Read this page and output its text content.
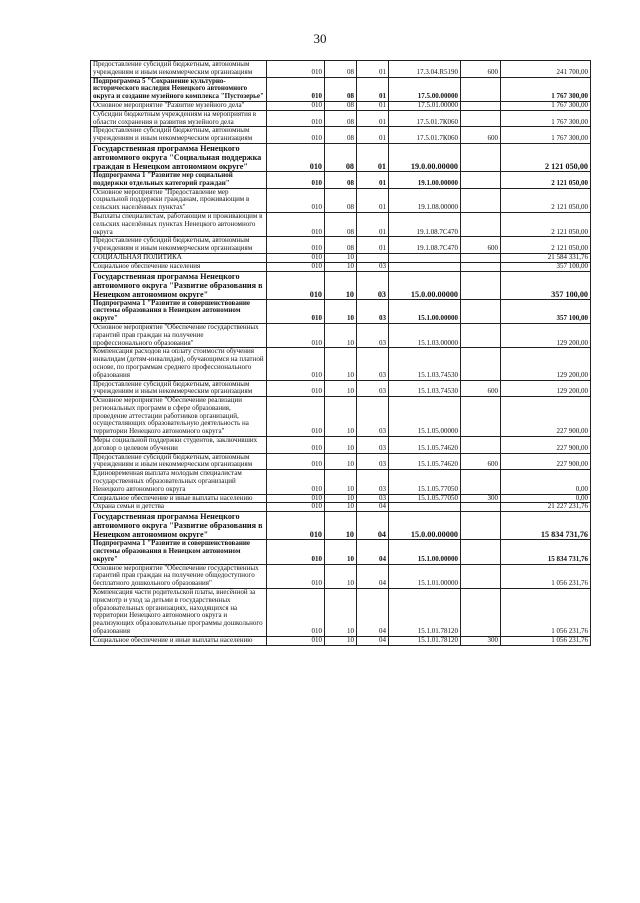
30
Предоставление субсидий бюджетным, автономным учреждениям и иным некоммерческим организациям	010	08	01	17.3.04.R5190	600	241 700,00
Подпрограмма 5 "Сохранение культурно-исторического наследия Ненецкого автономного округа и создание музейного комплекса "Пустозерье"	010	08	01	17.5.00.00000		1 767 300,00
Основное мероприятие "Развитие музейного дела"	010	08	01	17.5.01.00000		1 767 300,00
Субсидии бюджетным учреждениям на мероприятия в области сохранения и развития музейного дела	010	08	01	17.5.01.7К060		1 767 300,00
Предоставление субсидий бюджетным, автономным учреждениям и иным некоммерческим организациям	010	08	01	17.5.01.7К060	600	1 767 300,00
Государственная программа Ненецкого автономного округа "Социальная поддержка граждан в Ненецком автономном округе"	010	08	01	19.0.00.00000		2 121 050,00
Подпрограмма 1 "Развитие мер социальной поддержки отдельных категорий граждан"	010	08	01	19.1.00.00000		2 121 050,00
Основное мероприятие "Предоставление мер социальной поддержки гражданам, проживающим в сельских населённых пунктах"	010	08	01	19.1.08.00000		2 121 050,00
Выплаты специалистам, работающим и проживающим в сельских населённых пунктах Ненецкого автономного округа	010	08	01	19.1.08.7С470		2 121 050,00
Предоставление субсидий бюджетным, автономным учреждениям и иным некоммерческим организациям	010	08	01	19.1.08.7С470	600	2 121 050,00
СОЦИАЛЬНАЯ ПОЛИТИКА	010	10				21 584 331,76
Социальное обеспечение населения	010	10	03			357 100,00
Государственная программа Ненецкого автономного округа "Развитие образования в Ненецком автономном округе"	010	10	03	15.0.00.00000		357 100,00
Подпрограмма 1 "Развитие и совершенствование системы образования в Ненецком автономном округе"	010	10	03	15.1.00.00000		357 100,00
Основное мероприятие "Обеспечение государственных гарантий прав граждан на получение профессионального образования"	010	10	03	15.1.03.00000		129 200,00
Компенсация расходов на оплату стоимости обучения инвалидам (детям-инвалидам), обучающимся на платной основе, по программам среднего профессионального образования	010	10	03	15.1.03.74530		129 200,00
Предоставление субсидий бюджетным, автономным учреждениям и иным некоммерческим организациям	010	10	03	15.1.03.74530	600	129 200,00
Основное мероприятие "Обеспечение реализации региональных программ в сфере образования, проведение аттестации работников организаций, осуществляющих образовательную деятельность на территории Ненецкого автономного округа"	010	10	03	15.1.05.00000		227 900,00
Меры социальной поддержки студентов, заключивших договор о целевом обучении	010	10	03	15.1.05.74620		227 900,00
Предоставление субсидий бюджетным, автономным учреждениям и иным некоммерческим организациям	010	10	03	15.1.05.74620	600	227 900,00
Единовременная выплата молодым специалистам государственных образовательных организаций Ненецкого автономного округа	010	10	03	15.1.05.77050		0,00
Социальное обеспечение и иные выплаты населению	010	10	03	15.1.05.77050	300	0,00
Охрана семьи и детства	010	10	04			21 227 231,76
Государственная программа Ненецкого автономного округа "Развитие образования в Ненецком автономном округе"	010	10	04	15.0.00.00000		15 834 731,76
Подпрограмма 1 "Развитие и совершенствование системы образования в Ненецком автономном округе"	010	10	04	15.1.00.00000		15 834 731,76
Основное мероприятие "Обеспечение государственных гарантий прав граждан на получение общедоступного бесплатного дошкольного образования"	010	10	04	15.1.01.00000		1 056 231,76
Компенсация части родительской платы, внесённой за присмотр и уход за детьми в государственных образовательных организациях, находящихся на территории Ненецкого автономного округа и реализующих образовательные программы дошкольного образования	010	10	04	15.1.01.78120		1 056 231,76
Социальное обеспечение и иные выплаты населению	010	10	04	15.1.01.78120	300	1 056 231,76
